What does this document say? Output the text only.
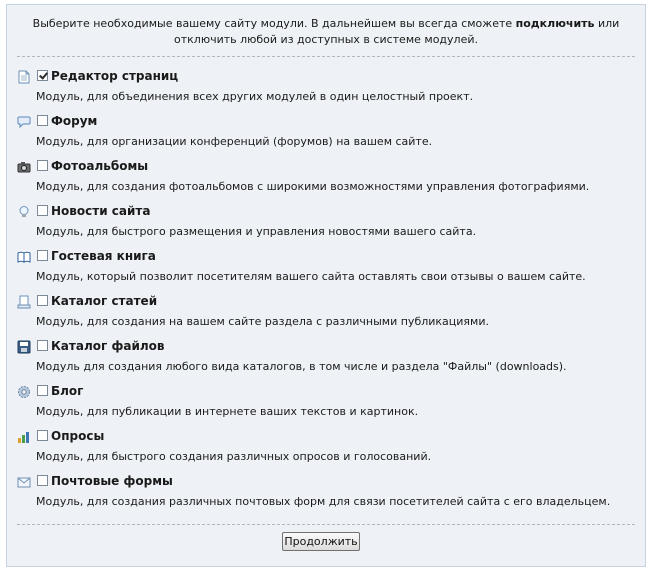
Выберите необходимые вашему сайту модули. В дальнейшем вы всегда сможете подключить или отключить любой из доступных в системе модулей.
Редактор страниц
Модуль, для объединения всех других модулей в один целостный проект.
Форум
Модуль, для организации конференций (форумов) на вашем сайте.
Фотоальбомы
Модуль, для создания фотоальбомов с широкими возможностями управления фотографиями.
Новости сайта
Модуль, для быстрого размещения и управления новостями вашего сайта.
Гостевая книга
Модуль, который позволит посетителям вашего сайта оставлять свои отзывы о вашем сайте.
Каталог статей
Модуль, для создания на вашем сайте раздела с различными публикациями.
Каталог файлов
Модуль для создания любого вида каталогов, в том числе и раздела "Файлы" (downloads).
Блог
Модуль, для публикации в интернете ваших текстов и картинок.
Опросы
Модуль, для быстрого создания различных опросов и голосований.
Почтовые формы
Модуль, для создания различных почтовых форм для связи посетителей сайта с его владельцем.
Продолжить
